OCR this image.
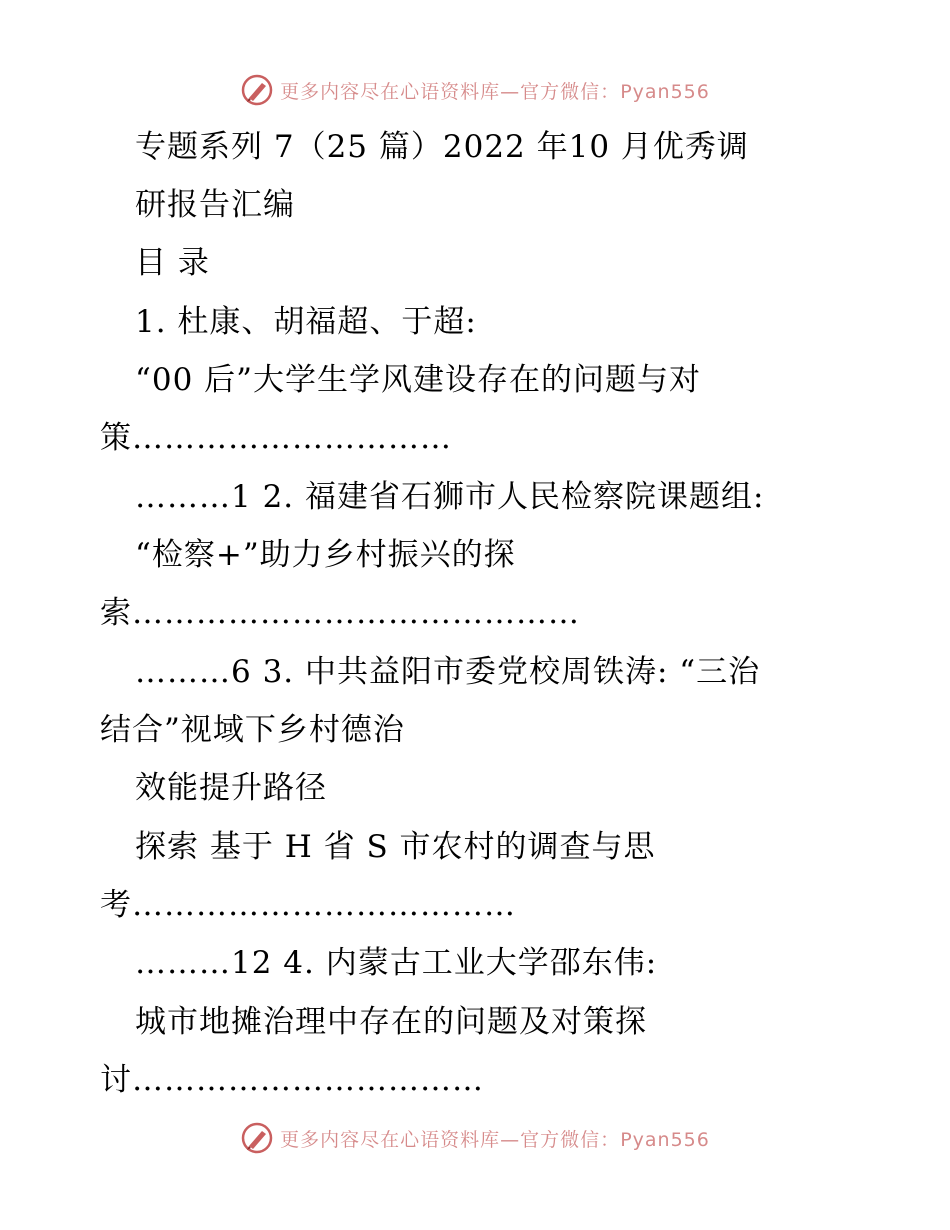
更多内容尽在心语资料库—官方微信：Pyan556
专题系列 7（25 篇）2022 年10 月优秀调
研报告汇编
目 录
1. 杜康、胡福超、于超:
“00 后”大学生学风建设存在的问题与对
策…………………………
………1 2. 福建省石狮市人民检察院课题组:
“检察+”助力乡村振兴的探
索……………………………………
………6 3. 中共益阳市委党校周铁涛: “三治
结合”视域下乡村德治
效能提升路径
探索 基于 H 省 S 市农村的调查与思
考………………………………
………12 4. 内蒙古工业大学邵东伟:
城市地摊治理中存在的问题及对策探
讨……………………………
更多内容尽在心语资料库—官方微信：Pyan556
